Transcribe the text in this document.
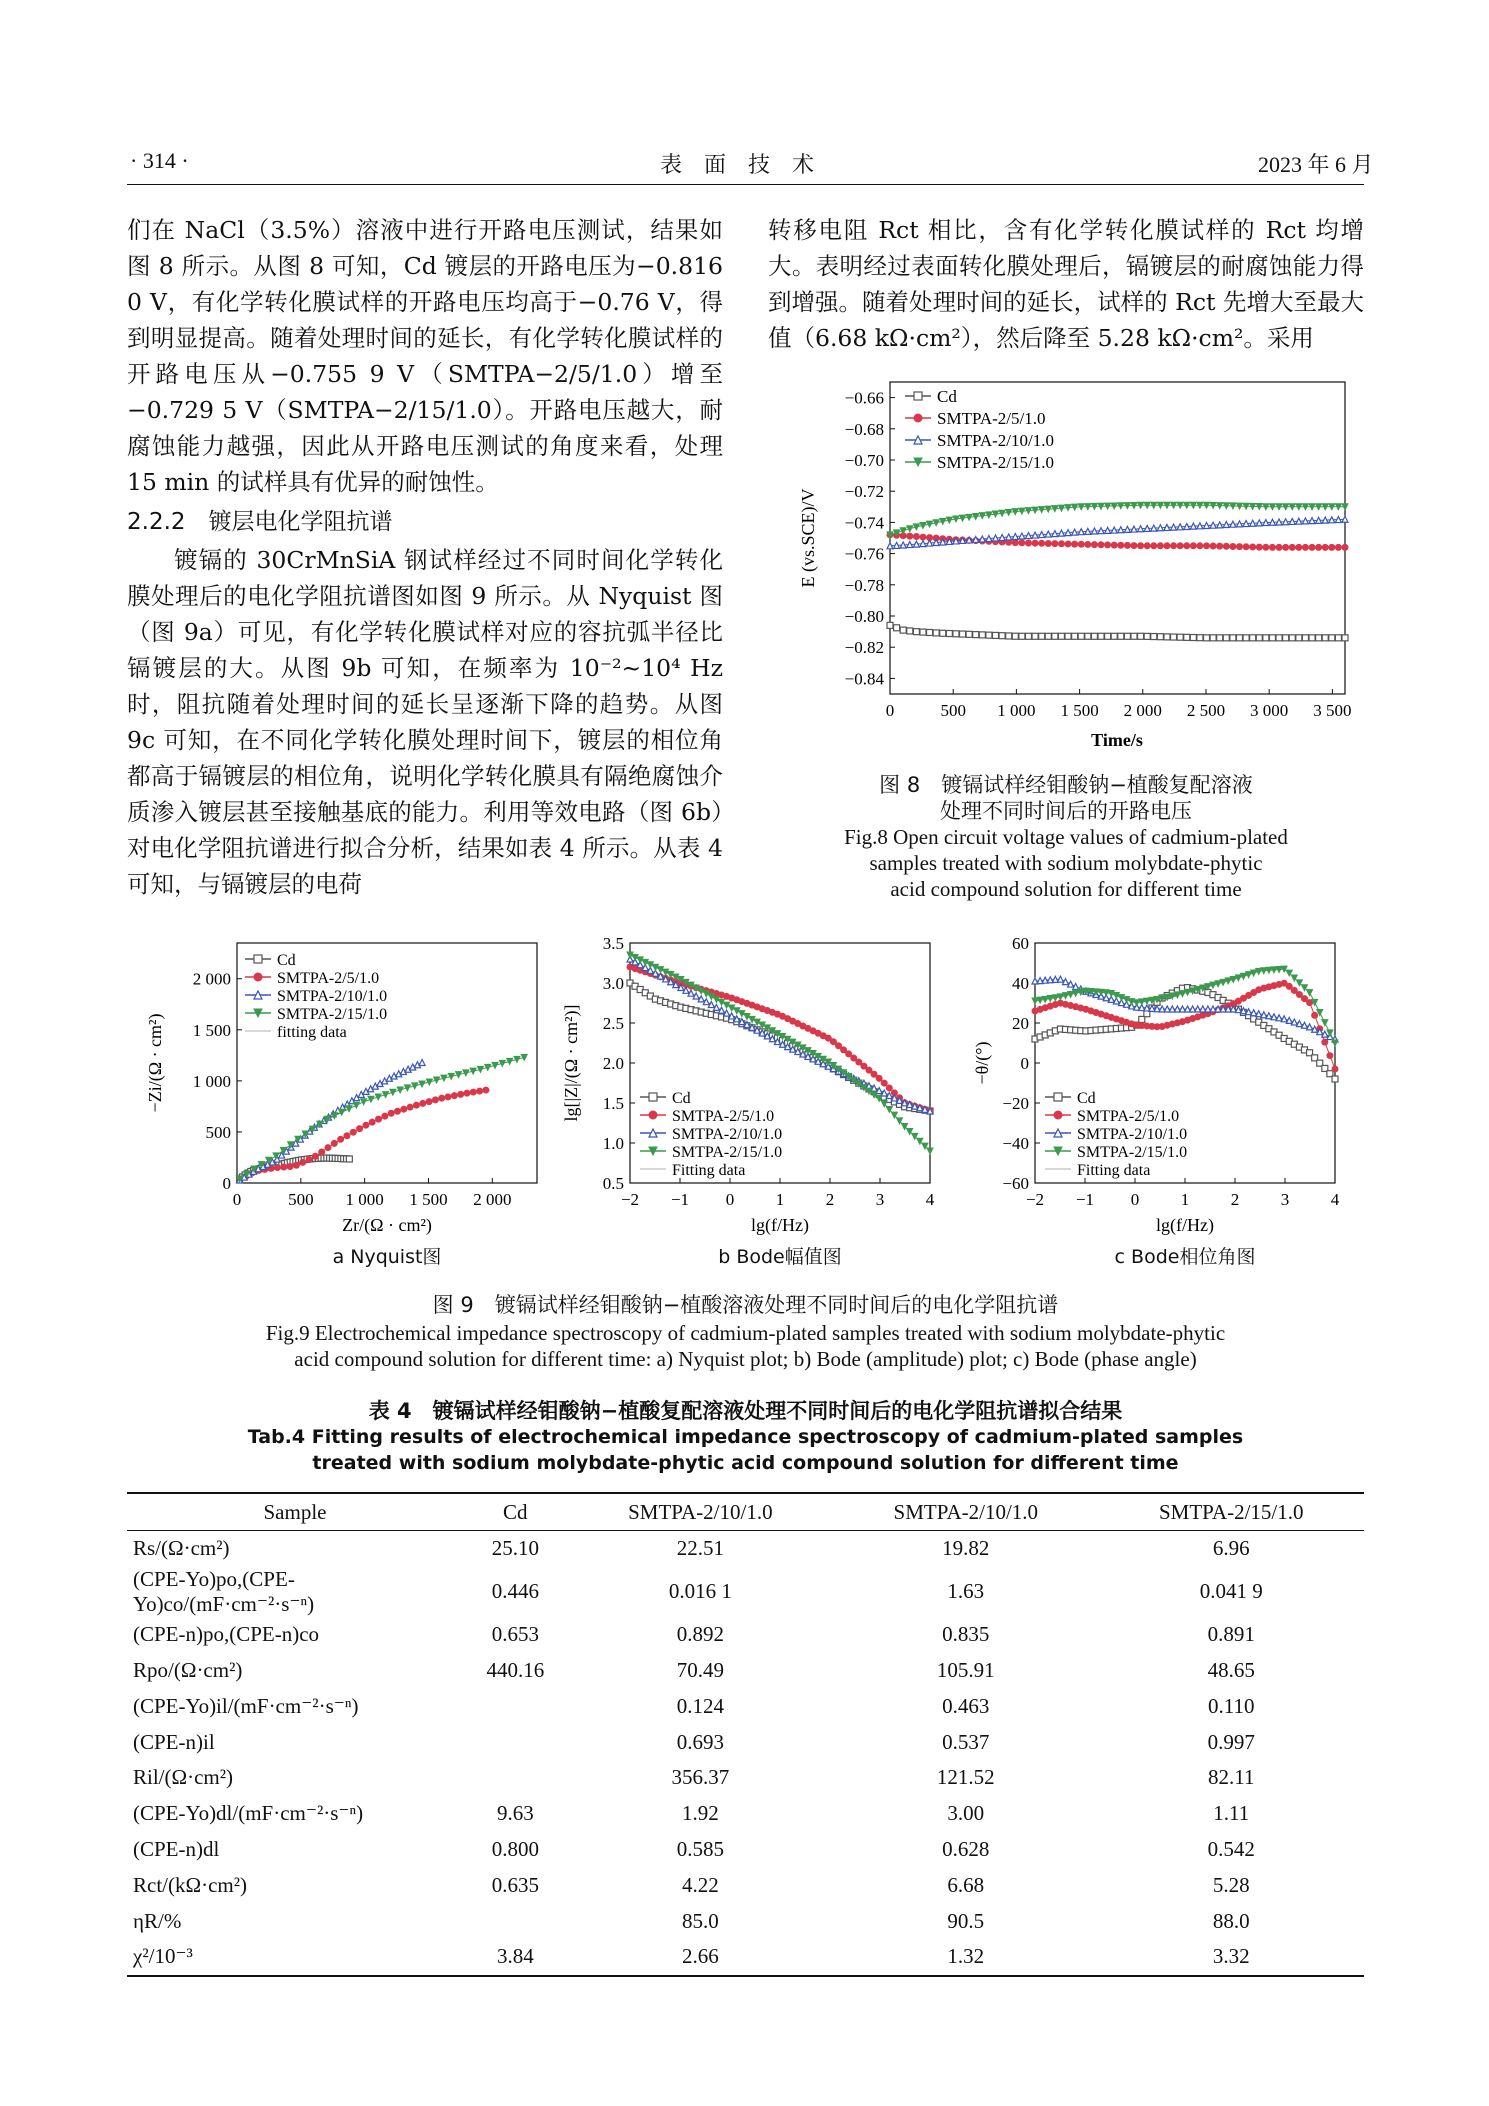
· 314 ·	表　面　技　术	2023 年 6 月

们在 NaCl（3.5%）溶液中进行开路电压测试，结果如图 8 所示。从图 8 可知，Cd 镀层的开路电压为−0.816 0 V，有化学转化膜试样的开路电压均高于−0.76 V，得到明显提高。随着处理时间的延长，有化学转化膜试样的开路电压从−0.755 9 V（SMTPA−2/5/1.0）增至−0.729 5 V（SMTPA−2/15/1.0）。开路电压越大，耐腐蚀能力越强，因此从开路电压测试的角度来看，处理 15 min 的试样具有优异的耐蚀性。

2.2.2　 镀层电化学阻抗谱

镀镉的 30CrMnSiA 钢试样经过不同时间化学转化膜处理后的电化学阻抗谱图如图 9 所示。从 Nyquist 图（图 9a）可见，有化学转化膜试样对应的容抗弧半径比镉镀层的大。从图 9b 可知，在频率为 10⁻²~10⁴ Hz 时，阻抗随着处理时间的延长呈逐渐下降的趋势。从图 9c 可知，在不同化学转化膜处理时间下，镀层的相位角都高于镉镀层的相位角，说明化学转化膜具有隔绝腐蚀介质渗入镀层甚至接触基底的能力。利用等效电路（图 6b）对电化学阻抗谱进行拟合分析，结果如表 4 所示。从表 4 可知，与镉镀层的电荷

转移电阻 Rct 相比，含有化学转化膜试样的 Rct 均增大。表明经过表面转化膜处理后，镉镀层的耐腐蚀能力得到增强。随着处理时间的延长，试样的 Rct 先增大至最大值（6.68 kΩ·cm²），然后降至 5.28 kΩ·cm²。采用

0	500 1 000 1 500 2 000 2 500 3 000 3 500
−0.66
−0.68
−0.70
−0.72
−0.74
−0.76
−0.78
−0.80
−0.82
−0.84
Cd
SMTPA-2/5/1.0
SMTPA-2/10/1.0
SMTPA-2/15/1.0
Time/s
E (vs.SCE)/V
图 8　镀镉试样经钼酸钠−植酸复配溶液
处理不同时间后的开路电压
Fig.8 Open circuit voltage values of cadmium-plated
samples treated with sodium molybdate-phytic
acid compound solution for different time
0	500 1 000 1 500 2 000
0
500
1 000
1 500
2 000
Cd
SMTPA-2/5/1.0
SMTPA-2/10/1.0
SMTPA-2/15/1.0
fitting data
Zr/(Ω · cm²)
−Zi/(Ω · cm²)
a Nyquist图
−2 −1 0 1 2 3 4
0.5
1.0
1.5
2.0
2.5
3.0
3.5
Cd
SMTPA-2/5/1.0
SMTPA-2/10/1.0
SMTPA-2/15/1.0
Fitting data
lg(f/Hz)
lg[|Z|/(Ω · cm²)]
b Bode幅值图
−2 −1 0 1 2 3 4
−60
−40
−20
0
20
40
60
Cd
SMTPA-2/5/1.0
SMTPA-2/10/1.0
SMTPA-2/15/1.0
Fitting data
lg(f/Hz)
−θ/(°)
c Bode相位角图
图 9　镀镉试样经钼酸钠−植酸溶液处理不同时间后的电化学阻抗谱
Fig.9 Electrochemical impedance spectroscopy of cadmium-plated samples treated with sodium molybdate-phytic
acid compound solution for different time: a) Nyquist plot; b) Bode (amplitude) plot; c) Bode (phase angle)
表 4　镀镉试样经钼酸钠−植酸复配溶液处理不同时间后的电化学阻抗谱拟合结果
Tab.4 Fitting results of electrochemical impedance spectroscopy of cadmium-plated samples
treated with sodium molybdate-phytic acid compound solution for different time
Sample	Cd	SMTPA-2/10/1.0	SMTPA-2/10/1.0	SMTPA-2/15/1.0
Rs/(Ω·cm²)	25.10	22.51	19.82	6.96
(CPE-Yo)po,(CPE-Yo)co/(mF·cm⁻²·s⁻ⁿ)	0.446	0.016 1	1.63	0.041 9
(CPE-n)po,(CPE-n)co	0.653	0.892	0.835	0.891
Rpo/(Ω·cm²)	440.16	70.49	105.91	48.65
(CPE-Yo)il/(mF·cm⁻²·s⁻ⁿ)		0.124	0.463	0.110
(CPE-n)il		0.693	0.537	0.997
Ril/(Ω·cm²)		356.37	121.52	82.11
(CPE-Yo)dl/(mF·cm⁻²·s⁻ⁿ)	9.63	1.92	3.00	1.11
(CPE-n)dl	0.800	0.585	0.628	0.542
Rct/(kΩ·cm²)	0.635	4.22	6.68	5.28
ηR/%		85.0	90.5	88.0
χ²/10⁻³	3.84	2.66	1.32	3.32
